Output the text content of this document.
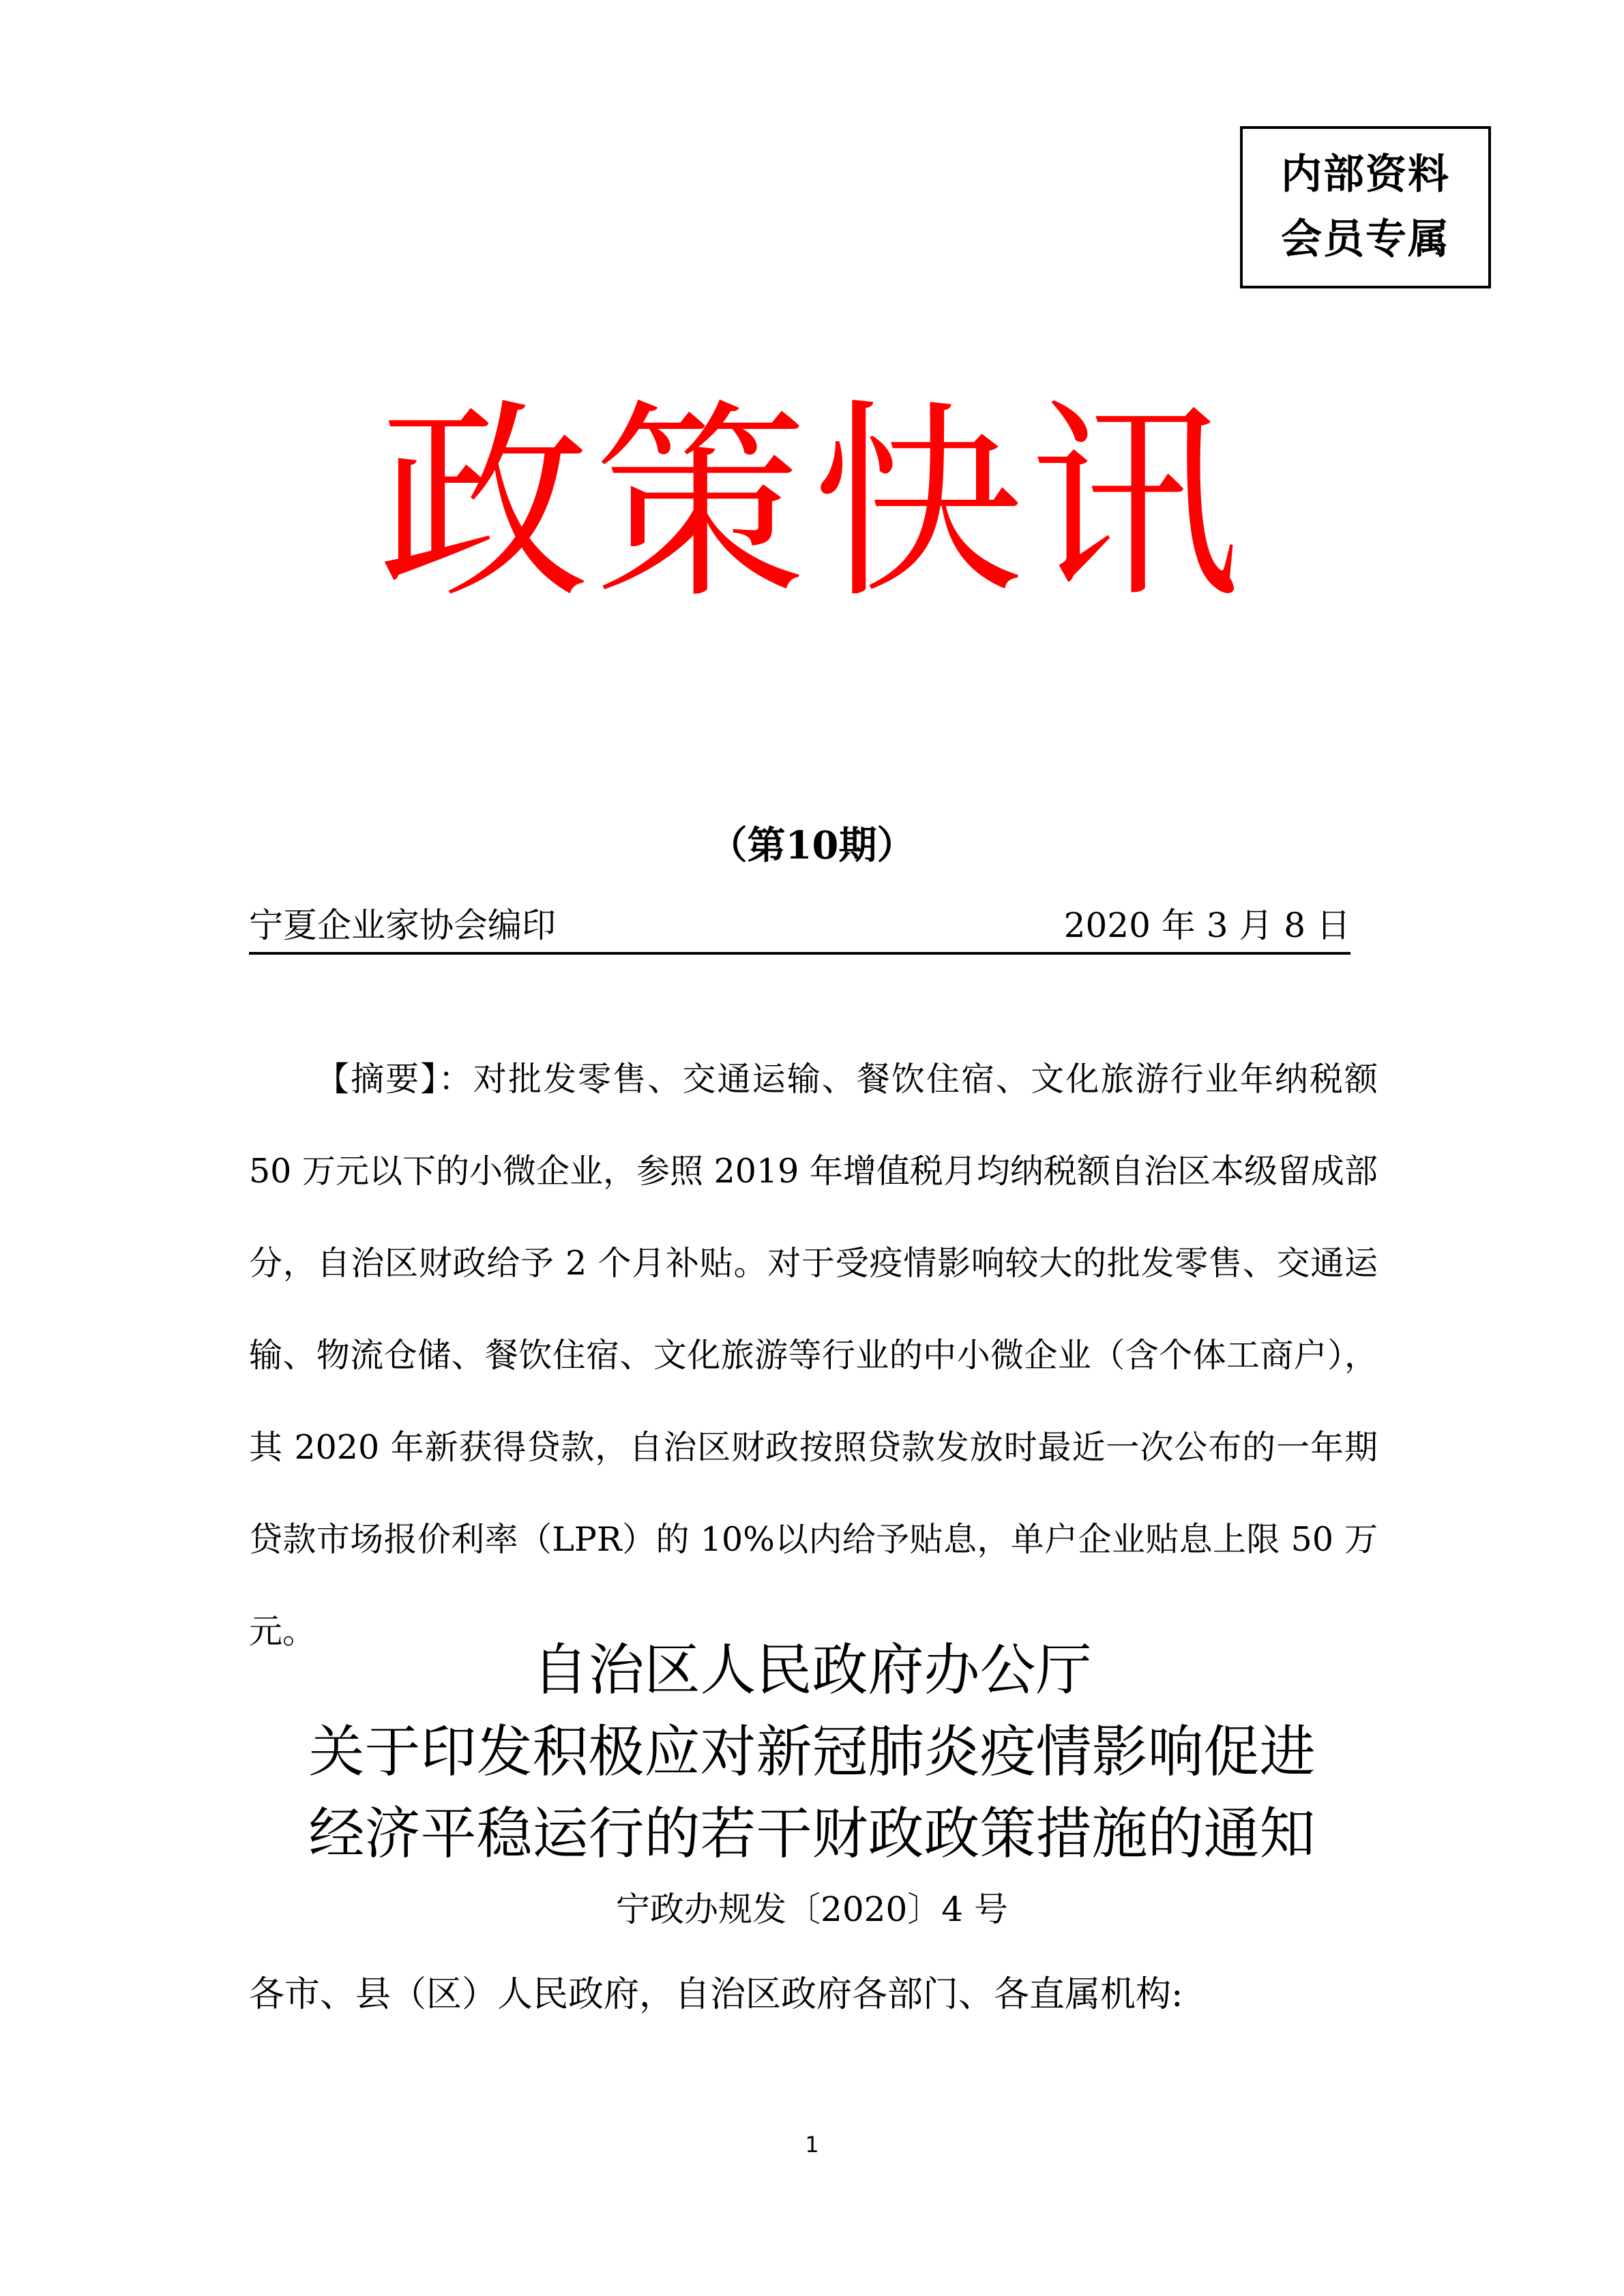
内部资料
会员专属
政策快讯
（第10期）
宁夏企业家协会编印	2020 年 3 月 8 日
【摘要】：对批发零售、交通运输、餐饮住宿、文化旅游行业年纳税额 50 万元以下的小微企业，参照 2019 年增值税月均纳税额自治区本级留成部分，自治区财政给予 2 个月补贴。对于受疫情影响较大的批发零售、交通运输、物流仓储、餐饮住宿、文化旅游等行业的中小微企业（含个体工商户），其 2020 年新获得贷款，自治区财政按照贷款发放时最近一次公布的一年期贷款市场报价利率（LPR）的 10%以内给予贴息，单户企业贴息上限 50 万元。
自治区人民政府办公厅
关于印发积极应对新冠肺炎疫情影响促进
经济平稳运行的若干财政政策措施的通知
宁政办规发〔2020〕4 号
各市、县（区）人民政府，自治区政府各部门、各直属机构:
1
